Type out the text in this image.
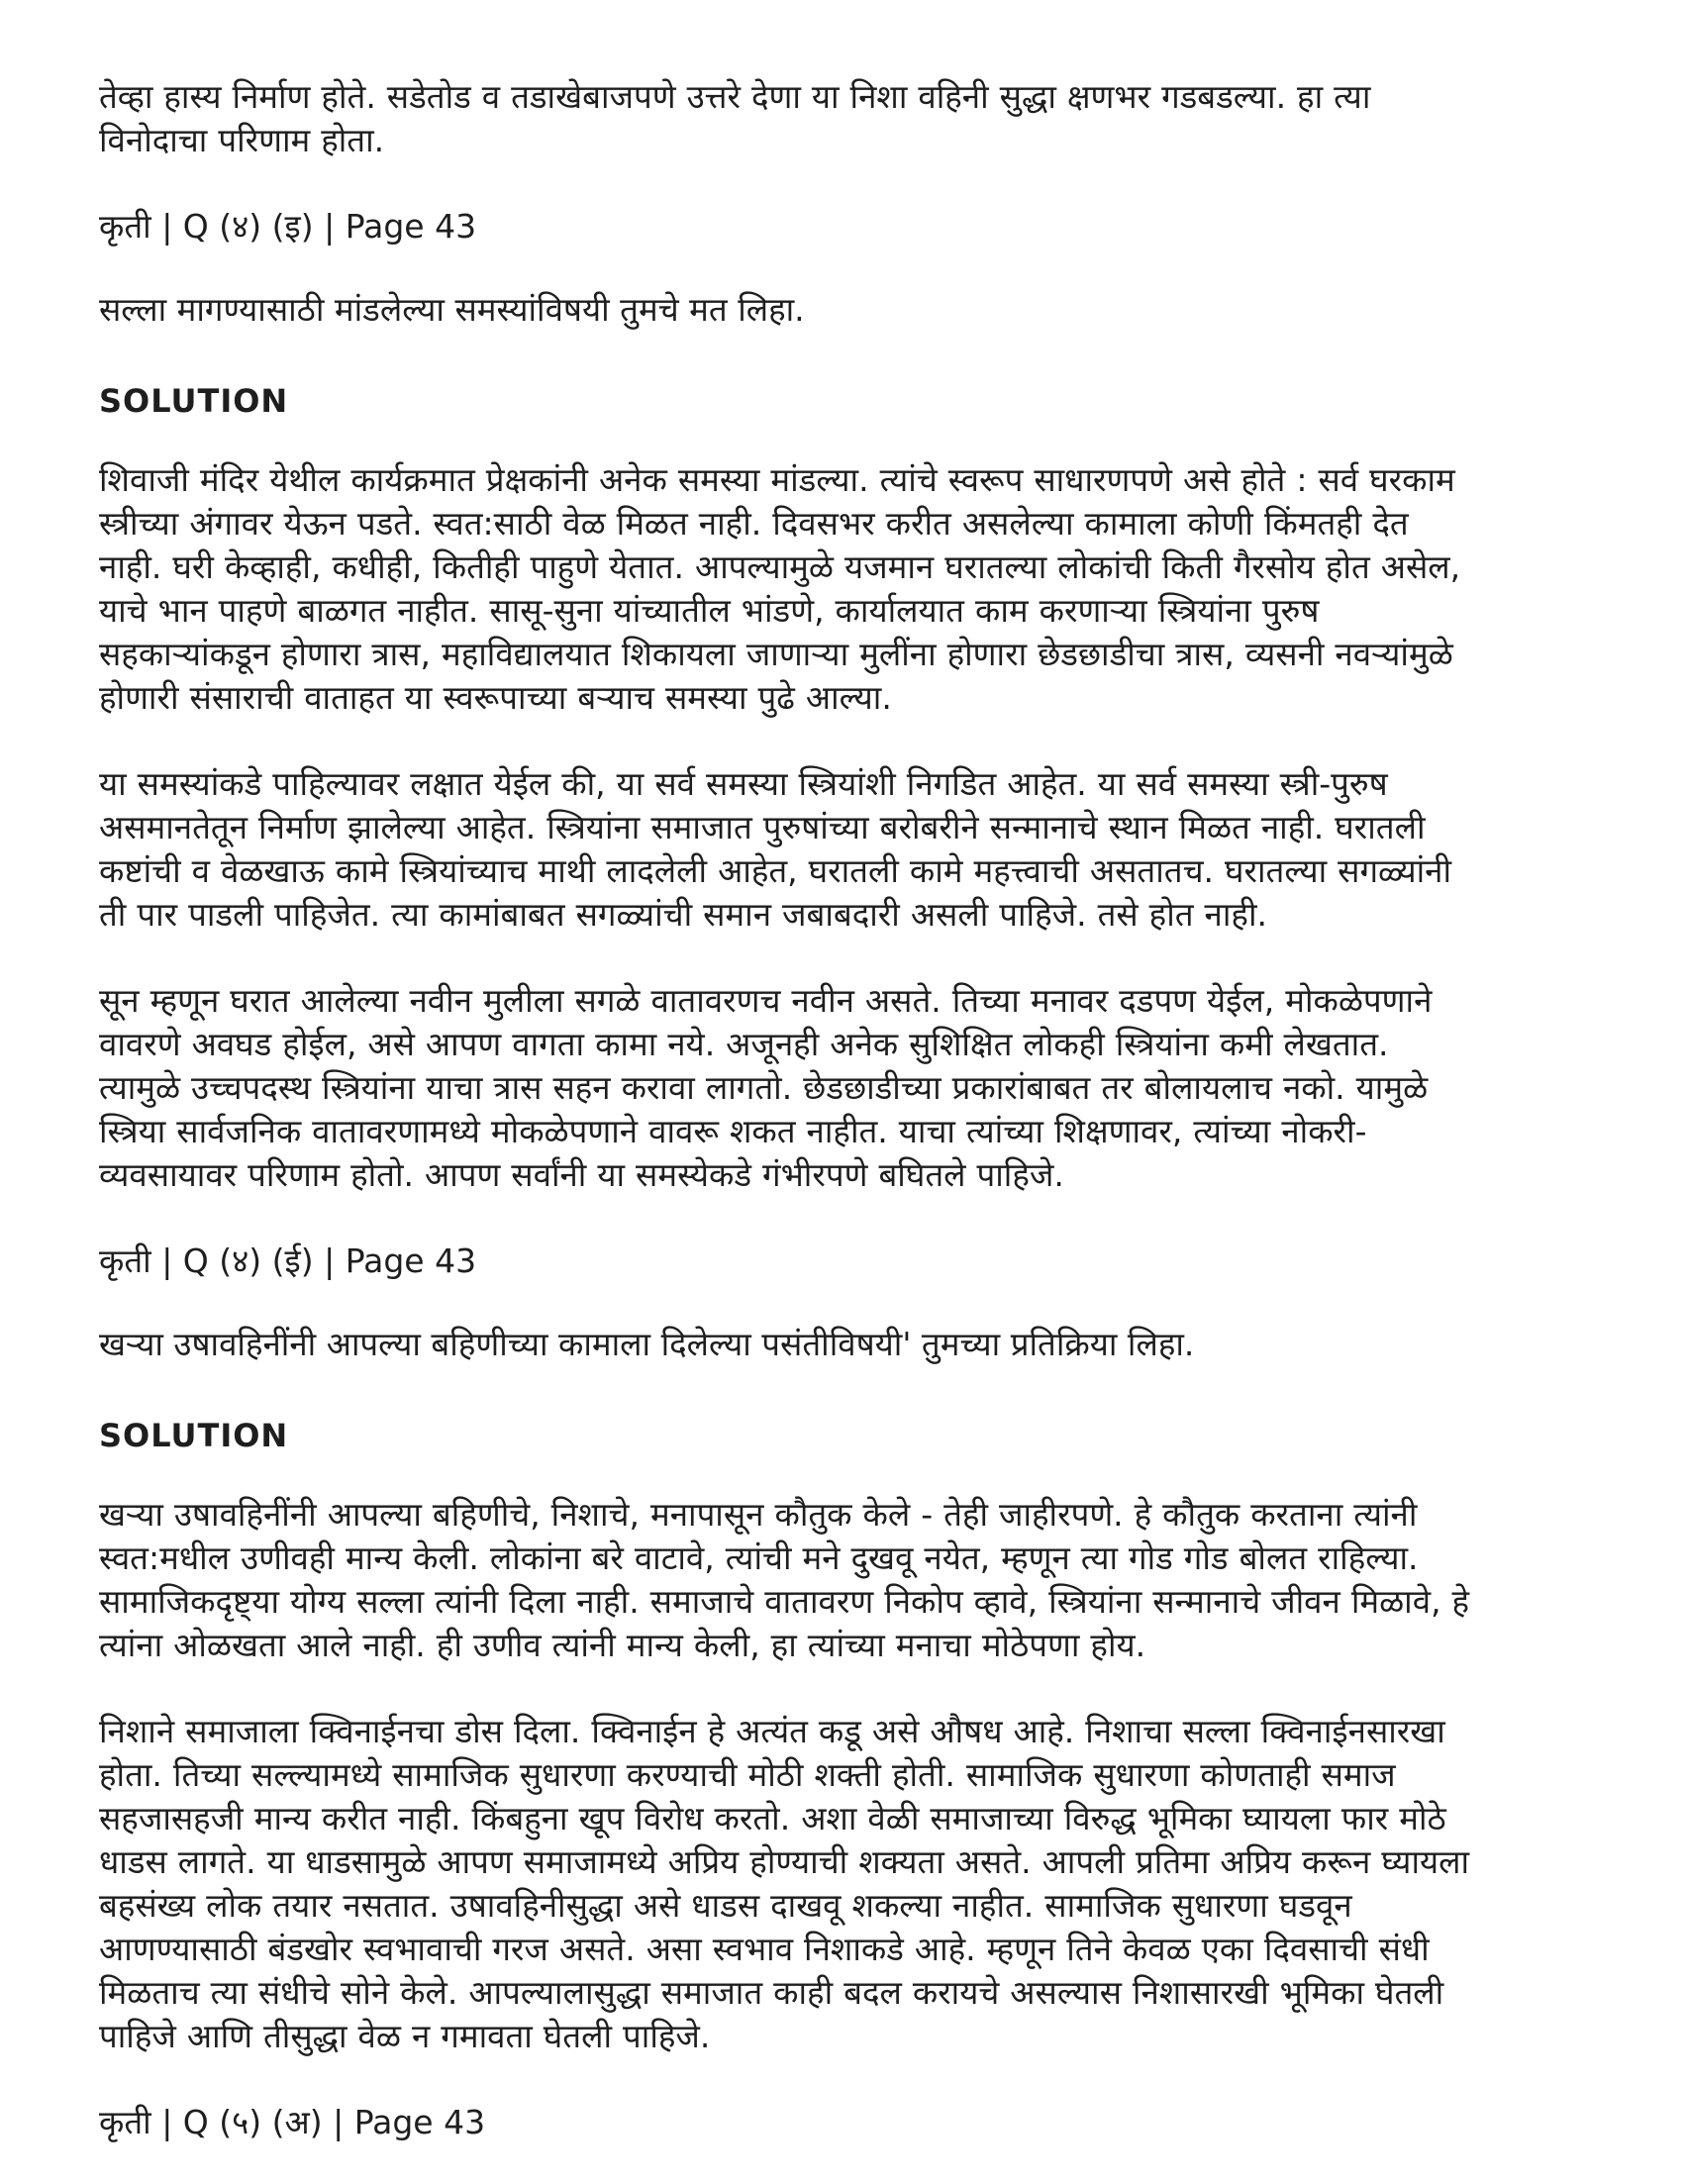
तेव्हा हास्य निर्माण होते. सडेतोड व तडाखेबाजपणे उत्तरे देणा या निशा वहिनी सुद्धा क्षणभर गडबडल्या. हा त्या
विनोदाचा परिणाम होता.

कृती | Q (४) (इ) | Page 43

सल्ला मागण्यासाठी मांडलेल्या समस्यांविषयी तुमचे मत लिहा.

SOLUTION

शिवाजी मंदिर येथील कार्यक्रमात प्रेक्षकांनी अनेक समस्या मांडल्या. त्यांचे स्वरूप साधारणपणे असे होते : सर्व घरकाम
स्त्रीच्या अंगावर येऊन पडते. स्वत:साठी वेळ मिळत नाही. दिवसभर करीत असलेल्या कामाला कोणी किंमतही देत
नाही. घरी केव्हाही, कधीही, कितीही पाहुणे येतात. आपल्यामुळे यजमान घरातल्या लोकांची किती गैरसोय होत असेल,
याचे भान पाहणे बाळगत नाहीत. सासू-सुना यांच्यातील भांडणे, कार्यालयात काम करणाऱ्या स्त्रियांना पुरुष
सहकाऱ्यांकडून होणारा त्रास, महाविद्यालयात शिकायला जाणाऱ्या मुलींना होणारा छेडछाडीचा त्रास, व्यसनी नवऱ्यांमुळे
होणारी संसाराची वाताहत या स्वरूपाच्या बऱ्याच समस्या पुढे आल्या.

या समस्यांकडे पाहिल्यावर लक्षात येईल की, या सर्व समस्या स्त्रियांशी निगडित आहेत. या सर्व समस्या स्त्री-पुरुष
असमानतेतून निर्माण झालेल्या आहेत. स्त्रियांना समाजात पुरुषांच्या बरोबरीने सन्मानाचे स्थान मिळत नाही. घरातली
कष्टांची व वेळखाऊ कामे स्त्रियांच्याच माथी लादलेली आहेत, घरातली कामे महत्त्वाची असतातच. घरातल्या सगळ्यांनी
ती पार पाडली पाहिजेत. त्या कामांबाबत सगळ्यांची समान जबाबदारी असली पाहिजे. तसे होत नाही.

सून म्हणून घरात आलेल्या नवीन मुलीला सगळे वातावरणच नवीन असते. तिच्या मनावर दडपण येईल, मोकळेपणाने
वावरणे अवघड होईल, असे आपण वागता कामा नये. अजूनही अनेक सुशिक्षित लोकही स्त्रियांना कमी लेखतात.
त्यामुळे उच्चपदस्थ स्त्रियांना याचा त्रास सहन करावा लागतो. छेडछाडीच्या प्रकारांबाबत तर बोलायलाच नको. यामुळे
स्त्रिया सार्वजनिक वातावरणामध्ये मोकळेपणाने वावरू शकत नाहीत. याचा त्यांच्या शिक्षणावर, त्यांच्या नोकरी-
व्यवसायावर परिणाम होतो. आपण सर्वांनी या समस्येकडे गंभीरपणे बघितले पाहिजे.

कृती | Q (४) (ई) | Page 43

खऱ्या उषावहिनींनी आपल्या बहिणीच्या कामाला दिलेल्या पसंतीविषयी' तुमच्या प्रतिक्रिया लिहा.

SOLUTION

खऱ्या उषावहिनींनी आपल्या बहिणीचे, निशाचे, मनापासून कौतुक केले - तेही जाहीरपणे. हे कौतुक करताना त्यांनी
स्वत:मधील उणीवही मान्य केली. लोकांना बरे वाटावे, त्यांची मने दुखवू नयेत, म्हणून त्या गोड गोड बोलत राहिल्या.
सामाजिकदृष्ट्या योग्य सल्ला त्यांनी दिला नाही. समाजाचे वातावरण निकोप व्हावे, स्त्रियांना सन्मानाचे जीवन मिळावे, हे
त्यांना ओळखता आले नाही. ही उणीव त्यांनी मान्य केली, हा त्यांच्या मनाचा मोठेपणा होय.

निशाने समाजाला क्विनाईनचा डोस दिला. क्विनाईन हे अत्यंत कडू असे औषध आहे. निशाचा सल्ला क्विनाईनसारखा
होता. तिच्या सल्ल्यामध्ये सामाजिक सुधारणा करण्याची मोठी शक्ती होती. सामाजिक सुधारणा कोणताही समाज
सहजासहजी मान्य करीत नाही. किंबहुना खूप विरोध करतो. अशा वेळी समाजाच्या विरुद्ध भूमिका घ्यायला फार मोठे
धाडस लागते. या धाडसामुळे आपण समाजामध्ये अप्रिय होण्याची शक्यता असते. आपली प्रतिमा अप्रिय करून घ्यायला
बहसंख्य लोक तयार नसतात. उषावहिनीसुद्धा असे धाडस दाखवू शकल्या नाहीत. सामाजिक सुधारणा घडवून
आणण्यासाठी बंडखोर स्वभावाची गरज असते. असा स्वभाव निशाकडे आहे. म्हणून तिने केवळ एका दिवसाची संधी
मिळताच त्या संधीचे सोने केले. आपल्यालासुद्धा समाजात काही बदल करायचे असल्यास निशासारखी भूमिका घेतली
पाहिजे आणि तीसुद्धा वेळ न गमावता घेतली पाहिजे.

कृती | Q (५) (अ) | Page 43
